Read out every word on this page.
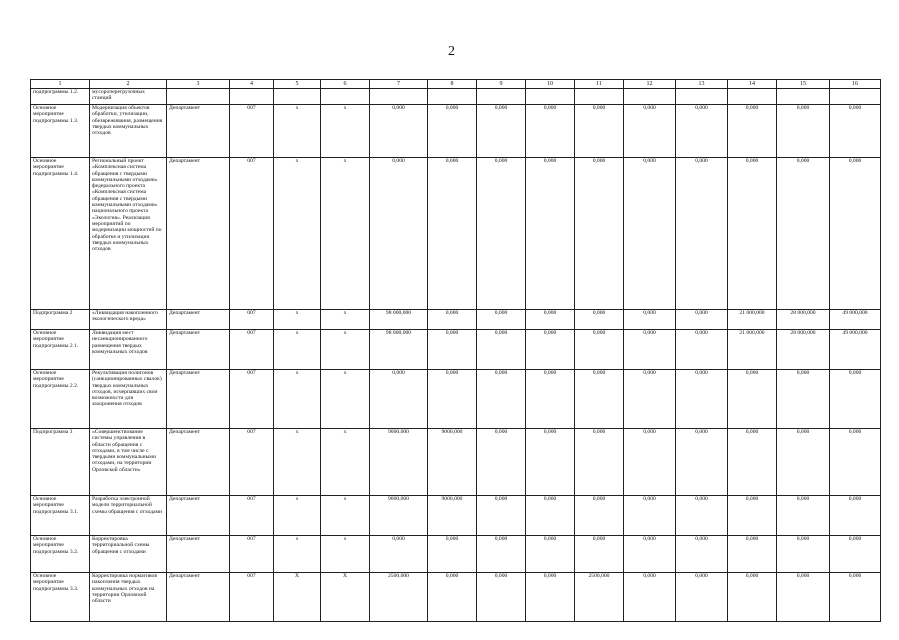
2
1	2	3	4	5	6	7	8	9	10	11	12	13	14	15	16
подпрограммы 1.2.	мусороперегрузочных станций														
Основное мероприятие подпрограммы 1.3.	Модернизация объектов обработки, утилизации, обезвреживания, размещения твердых коммунальных отходов	Департамент	007	х	х	0,000	0,000	0,000	0,000	0,000	0,000	0,000	0,000	0,000	0,000
Основное мероприятие подпрограммы 1.4.	Региональный проект «Комплексная система обращения с твердыми коммунальными отходами» федерального проекта «Комплексная система обращения с твердыми коммунальными отходами» национального проекта «Экология». Реализация мероприятий по модернизации мощностей по обработке и утилизации твердых коммунальных отходов	Департамент	007	х	х	0,000	0,000	0,000	0,000	0,000	0,000	0,000	0,000	0,000	0,000
Подпрограмма 2	«Ликвидация накопленного экологического вреда»	Департамент	007	х	х	98 000,000	0,000	0,000	0,000	0,000	0,000	0,000	21 000,000	28 000,000	49 000,000
Основное мероприятие подпрограммы 2.1.	Ликвидация мест несанкционированного размещения твердых коммунальных отходов	Департамент	007	х	х	98 000,000	0,000	0,000	0,000	0,000	0,000	0,000	21 000,000	28 000,000	49 000,000
Основное мероприятие подпрограммы 2.2.	Рекультивация полигонов (санкционированных свалок) твердых коммунальных отходов, исчерпавших свои возможности для захоронения отходов	Департамент	007	х	х	0,000	0,000	0,000	0,000	0,000	0,000	0,000	0,000	0,000	0,000
Подпрограмма 3	«Совершенствование системы управления в области обращения с отходами, в том числе с твердыми коммунальными отходами, на территории Орловской области»	Департамент	007	х	х	9000,000	9000,000	0,000	0,000	0,000	0,000	0,000	0,000	0,000	0,000
Основное мероприятие подпрограммы 3.1.	Разработка электронной модели территориальной схемы обращения с отходами	Департамент	007	х	х	9000,000	9000,000	0,000	0,000	0,000	0,000	0,000	0,000	0,000	0,000
Основное мероприятие подпрограммы 3.2.	Корректировка территориальной схемы обращения с отходами	Департамент	007	х	х	0,000	0,000	0,000	0,000	0,000	0,000	0,000	0,000	0,000	0,000
Основное мероприятие подпрограммы 3.3.	Корректировка нормативов накопления твердых коммунальных отходов на территории Орловской области	Департамент	007	Х	Х	2500,000	0,000	0,000	0,000	2500,000	0,000	0,000	0,000	0,000	0,000
